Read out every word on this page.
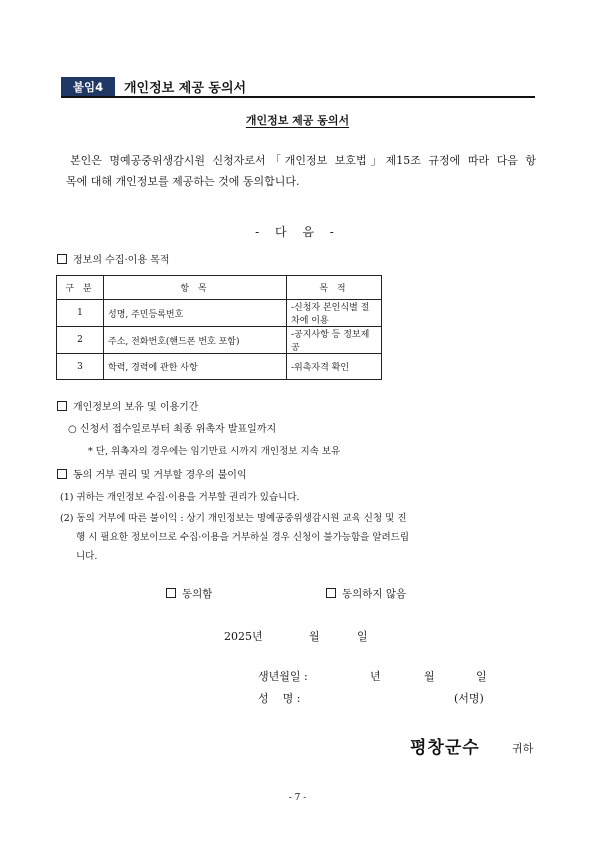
붙임4	개인정보 제공 동의서
개인정보 제공 동의서
본인은 명예공중위생감시원 신청자로서「개인정보 보호법」제15조 규정에 따라 다음 항
목에 대해 개인정보를 제공하는 것에 동의합니다.
- 다 음 -
정보의 수집·이용 목적
구 분	항 목	목 적
1	성명, 주민등록번호	-신청자 본인식별 절차에 이용
2	주소, 전화번호(핸드폰 번호 포함)	-공지사항 등 정보제공
3	학력, 경력에 관한 사항	-위촉자격 확인
개인정보의 보유 및 이용기간
○ 신청서 접수일로부터 최종 위촉자 발표일까지
* 단, 위촉자의 경우에는 임기만료 시까지 개인정보 지속 보유
동의 거부 권리 및 거부할 경우의 불이익
(1) 귀하는 개인정보 수집·이용을 거부할 권리가 있습니다.
(2) 동의 거부에 따른 불이익 : 상기 개인정보는 명예공중위생감시원 교육 신청 및 진
행 시 필요한 정보이므로 수집·이용을 거부하실 경우 신청이 불가능함을 알려드립
니다.
동의함	동의하지 않음
2025년	월	일
생년월일 :	년	월	일
성    명 :	(서명)
평창군수	귀하
- 7 -
